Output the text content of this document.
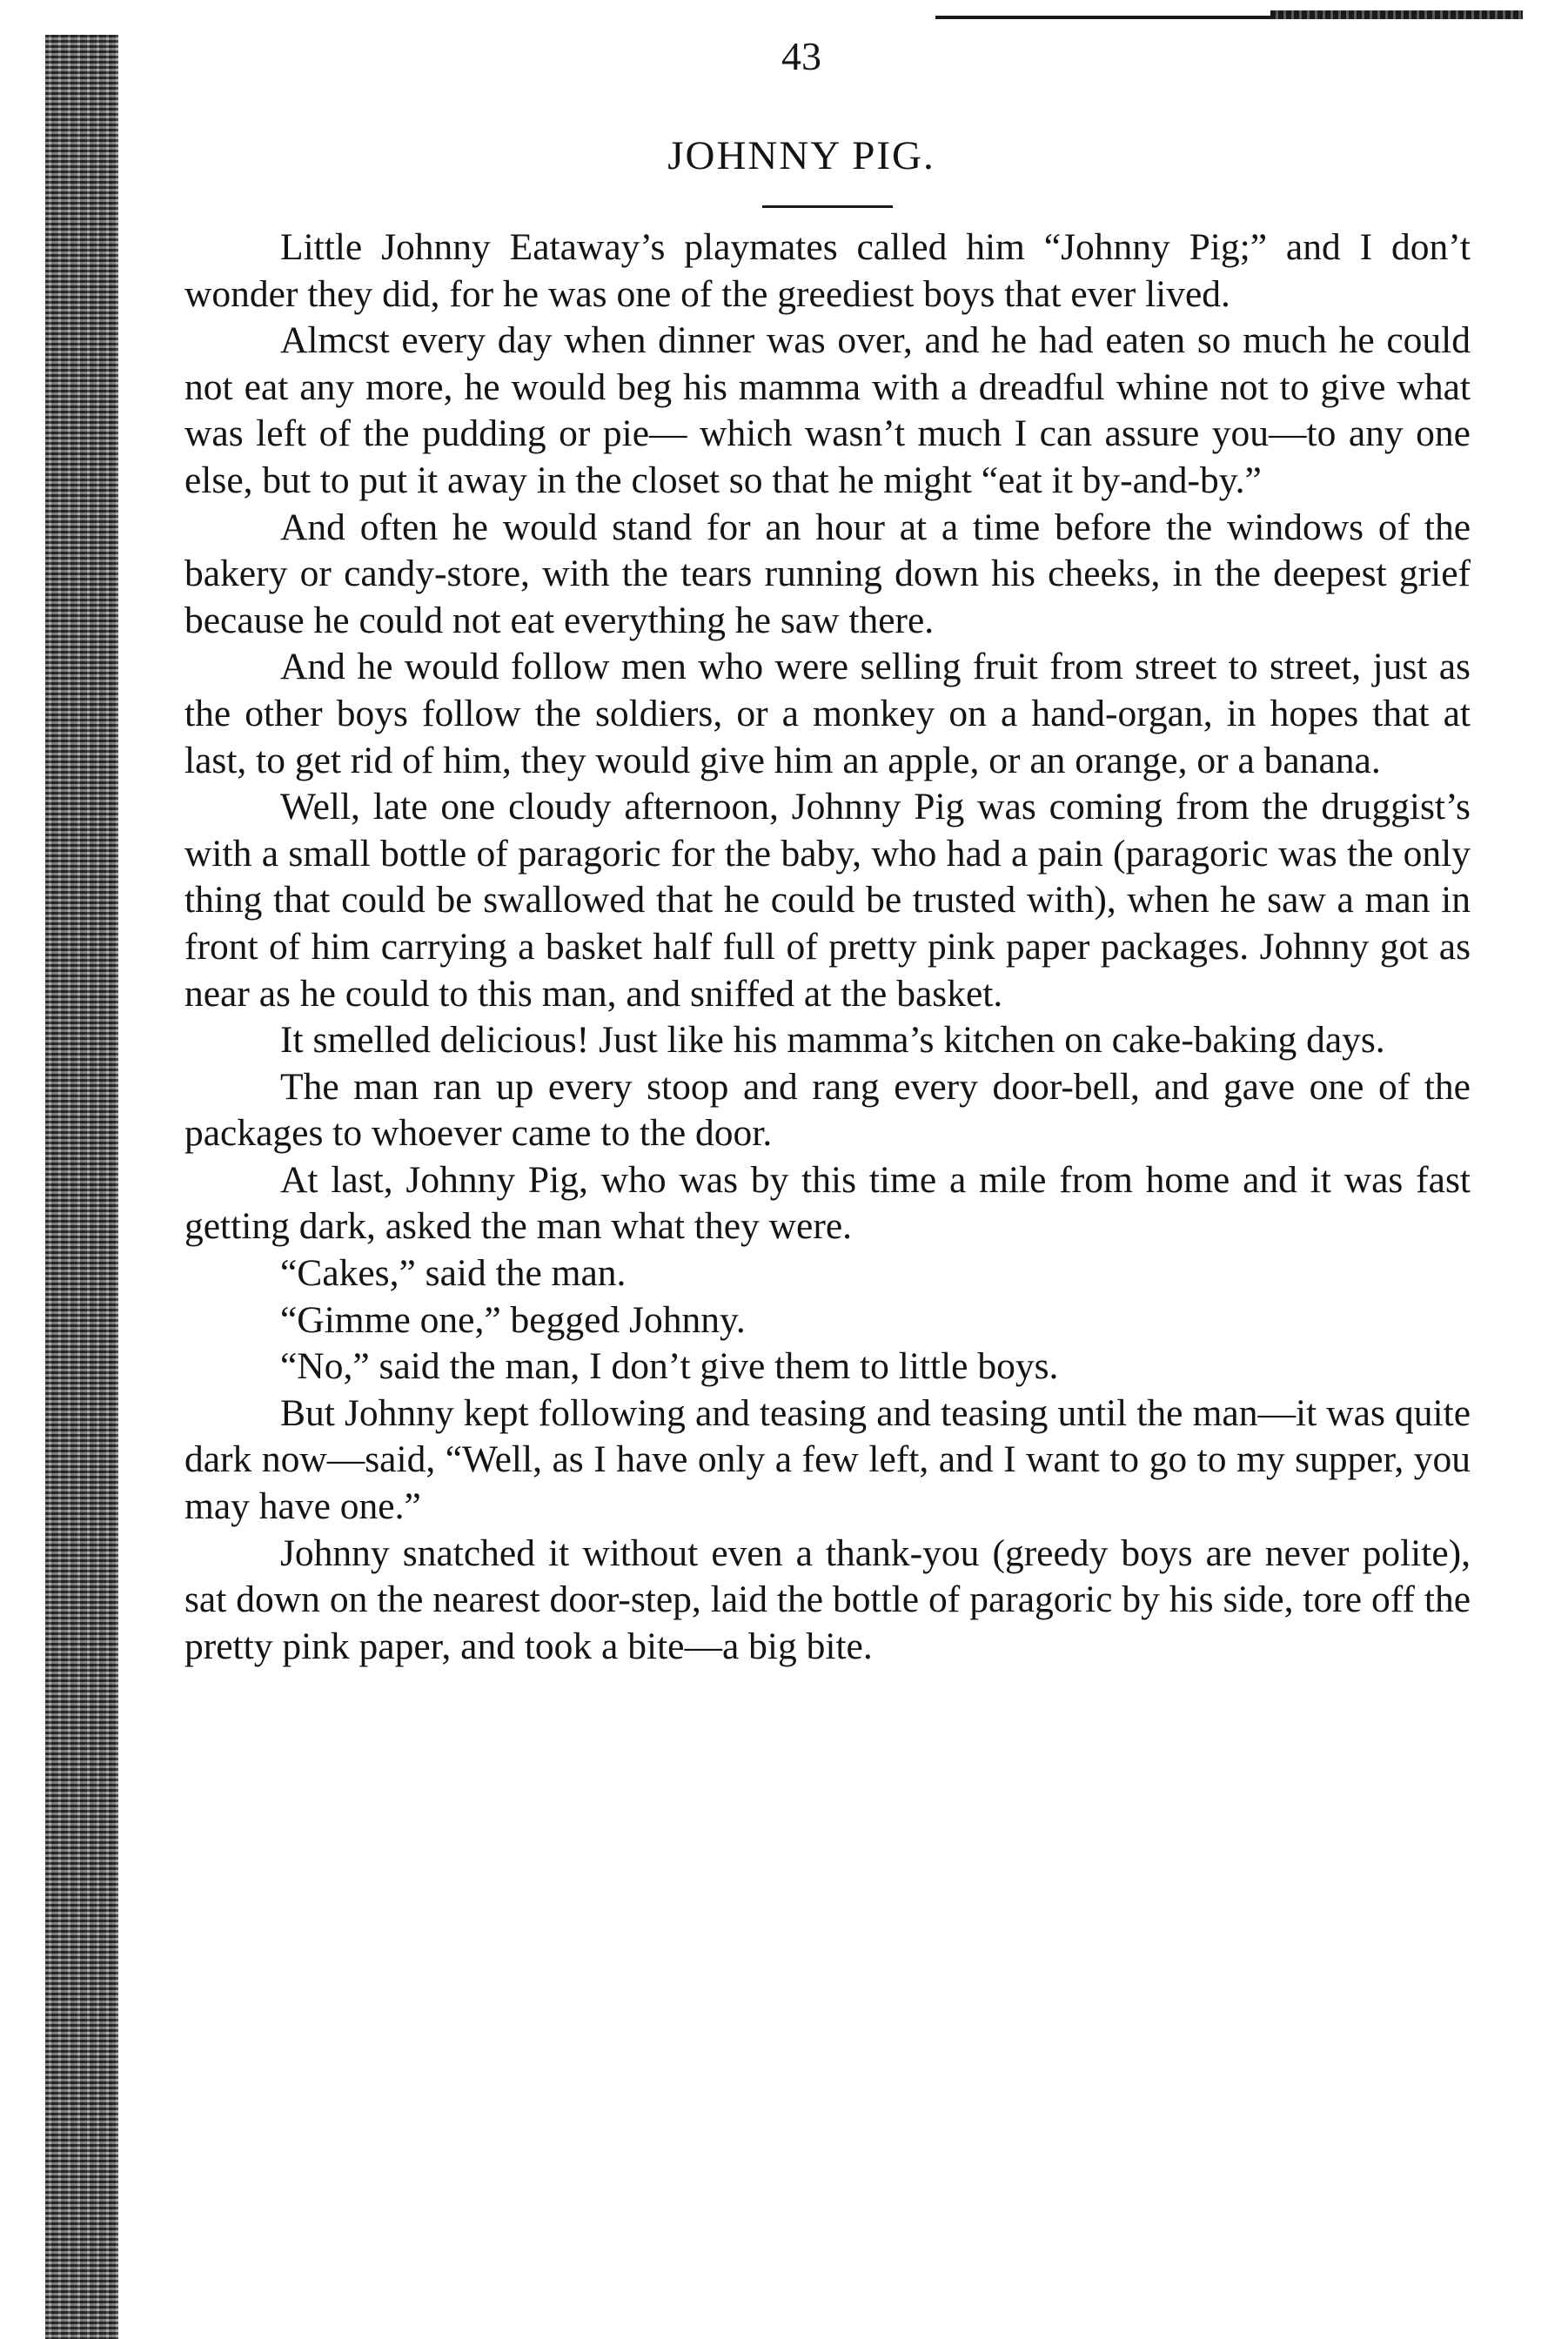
43
JOHNNY PIG.

Little Johnny Eataway’s playmates called him “Johnny Pig;” and I don’t wonder they did, for he was one of the greediest boys that ever lived.

Almcst every day when dinner was over, and he had eaten so much he could not eat any more, he would beg his mamma with a dreadful whine not to give what was left of the pudding or pie— which wasn’t much I can assure you—to any one else, but to put it away in the closet so that he might “eat it by-and-by.”

And often he would stand for an hour at a time before the windows of the bakery or candy-store, with the tears running down his cheeks, in the deepest grief because he could not eat everything he saw there.

And he would follow men who were selling fruit from street to street, just as the other boys follow the soldiers, or a monkey on a hand-organ, in hopes that at last, to get rid of him, they would give him an apple, or an orange, or a banana.

Well, late one cloudy afternoon, Johnny Pig was coming from the druggist’s with a small bottle of paragoric for the baby, who had a pain (paragoric was the only thing that could be swallowed that he could be trusted with), when he saw a man in front of him carrying a basket half full of pretty pink paper packages. Johnny got as near as he could to this man, and sniffed at the basket.

It smelled delicious! Just like his mamma’s kitchen on cake-baking days.

The man ran up every stoop and rang every door-bell, and gave one of the packages to whoever came to the door.

At last, Johnny Pig, who was by this time a mile from home and it was fast getting dark, asked the man what they were.

“Cakes,” said the man.

“Gimme one,” begged Johnny.

“No,” said the man, I don’t give them to little boys.

But Johnny kept following and teasing and teasing until the man—it was quite dark now—said, “Well, as I have only a few left, and I want to go to my supper, you may have one.”

Johnny snatched it without even a thank-you (greedy boys are never polite), sat down on the nearest door-step, laid the bottle of paragoric by his side, tore off the pretty pink paper, and took a bite—a big bite.
